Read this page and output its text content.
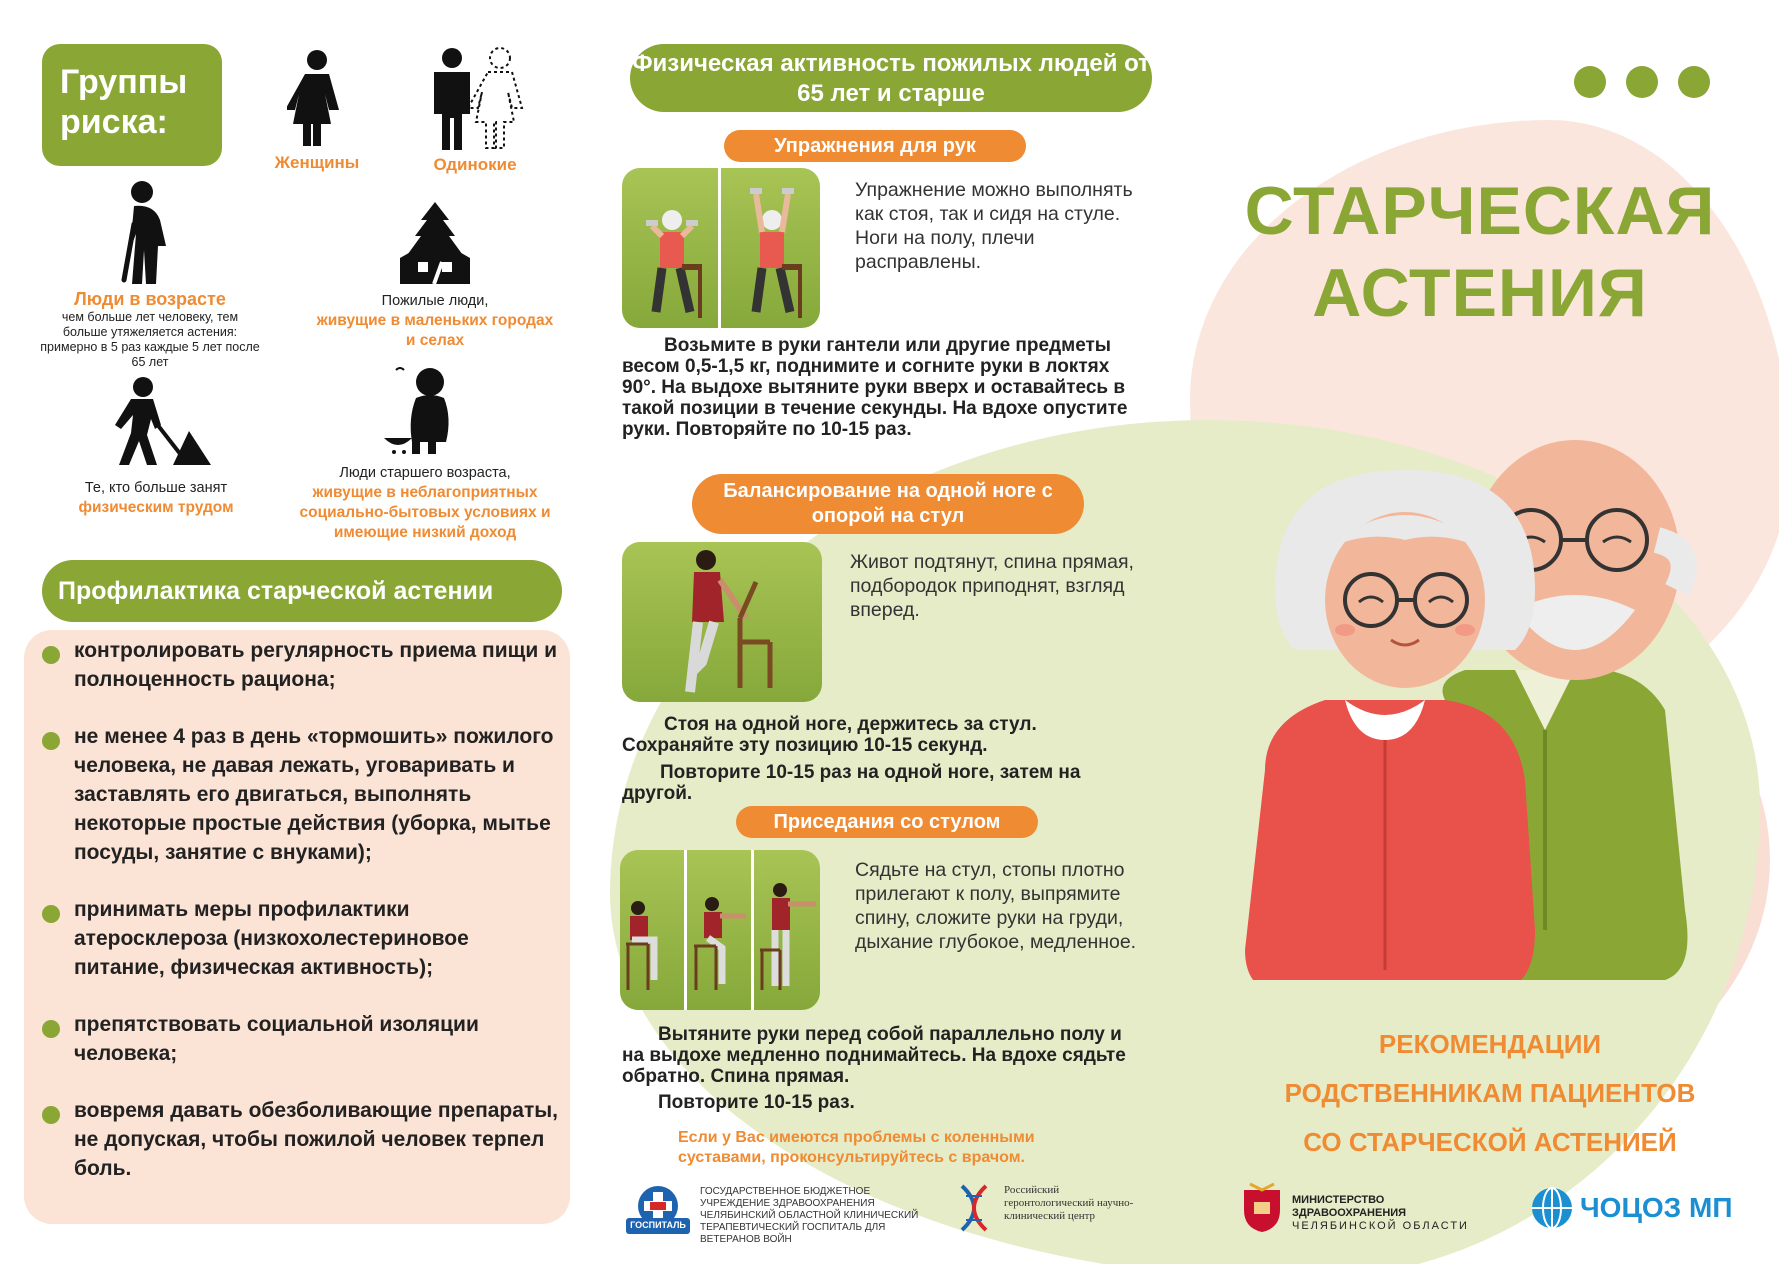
Группы риска:
Женщины	Одинокие
Люди в возрасте
чем больше лет человеку, тем больше утяжеляется астения: примерно в 5 раз каждые 5 лет после 65 лет
Пожилые люди,
живущие в маленьких городах и селах
Те, кто больше занят
физическим трудом
Люди старшего возраста,
живущие в неблагоприятных социально-бытовых условиях и имеющие низкий доход
Профилактика старческой астении
контролировать регулярность приема пищи и полноценность рациона;
не менее 4 раз в день «тормошить» пожилого человека, не давая лежать, уговаривать и заставлять его двигаться, выполнять некоторые простые действия (уборка, мытье посуды, занятие с внуками);
принимать меры профилактики атеросклероза (низкохолестериновое питание, физическая активность);
препятствовать социальной изоляции человека;
вовремя давать обезболивающие препараты, не допуская, чтобы пожилой человек терпел боль.
Физическая активность пожилых людей от 65 лет и старше
Упражнения для рук
Упражнение можно выполнять как стоя, так и сидя на стуле. Ноги на полу, плечи расправлены.
Возьмите в руки гантели или другие предметы весом 0,5-1,5 кг, поднимите и согните руки в локтях 90°. На выдохе вытяните руки вверх и оставайтесь в такой позиции в течение секунды. На вдохе опустите руки. Повторяйте по 10-15 раз.
Балансирование на одной ноге с опорой на стул
Живот подтянут, спина прямая, подбородок приподнят, взгляд вперед.
Стоя на одной ноге, держитесь за стул. Сохраняйте эту позицию 10-15 секунд.
Повторите 10-15 раз на одной ноге, затем на другой.
Приседания со стулом
Сядьте на стул, стопы плотно прилегают к полу, выпрямите спину, сложите руки на груди, дыхание глубокое, медленное.
Вытяните руки перед собой параллельно полу и на выдохе медленно поднимайтесь. На вдохе сядьте обратно. Спина прямая.
Повторите 10-15 раз.
Если у Вас имеются проблемы с коленными суставами, проконсультируйтесь с врачом.
ГОСПИТАЛЬ
ГОСУДАРСТВЕННОЕ БЮДЖЕТНОЕ УЧРЕЖДЕНИЕ ЗДРАВООХРАНЕНИЯ ЧЕЛЯБИНСКИЙ ОБЛАСТНОЙ КЛИНИЧЕСКИЙ ТЕРАПЕВТИЧЕСКИЙ ГОСПИТАЛЬ ДЛЯ ВЕТЕРАНОВ ВОЙН
Российский геронтологический научно-клинический центр
СТАРЧЕСКАЯ
АСТЕНИЯ
РЕКОМЕНДАЦИИ
РОДСТВЕННИКАМ ПАЦИЕНТОВ
СО СТАРЧЕСКОЙ АСТЕНИЕЙ
МИНИСТЕРСТВО ЗДРАВООХРАНЕНИЯ
ЧЕЛЯБИНСКОЙ ОБЛАСТИ
ЧОЦОЗ МП
